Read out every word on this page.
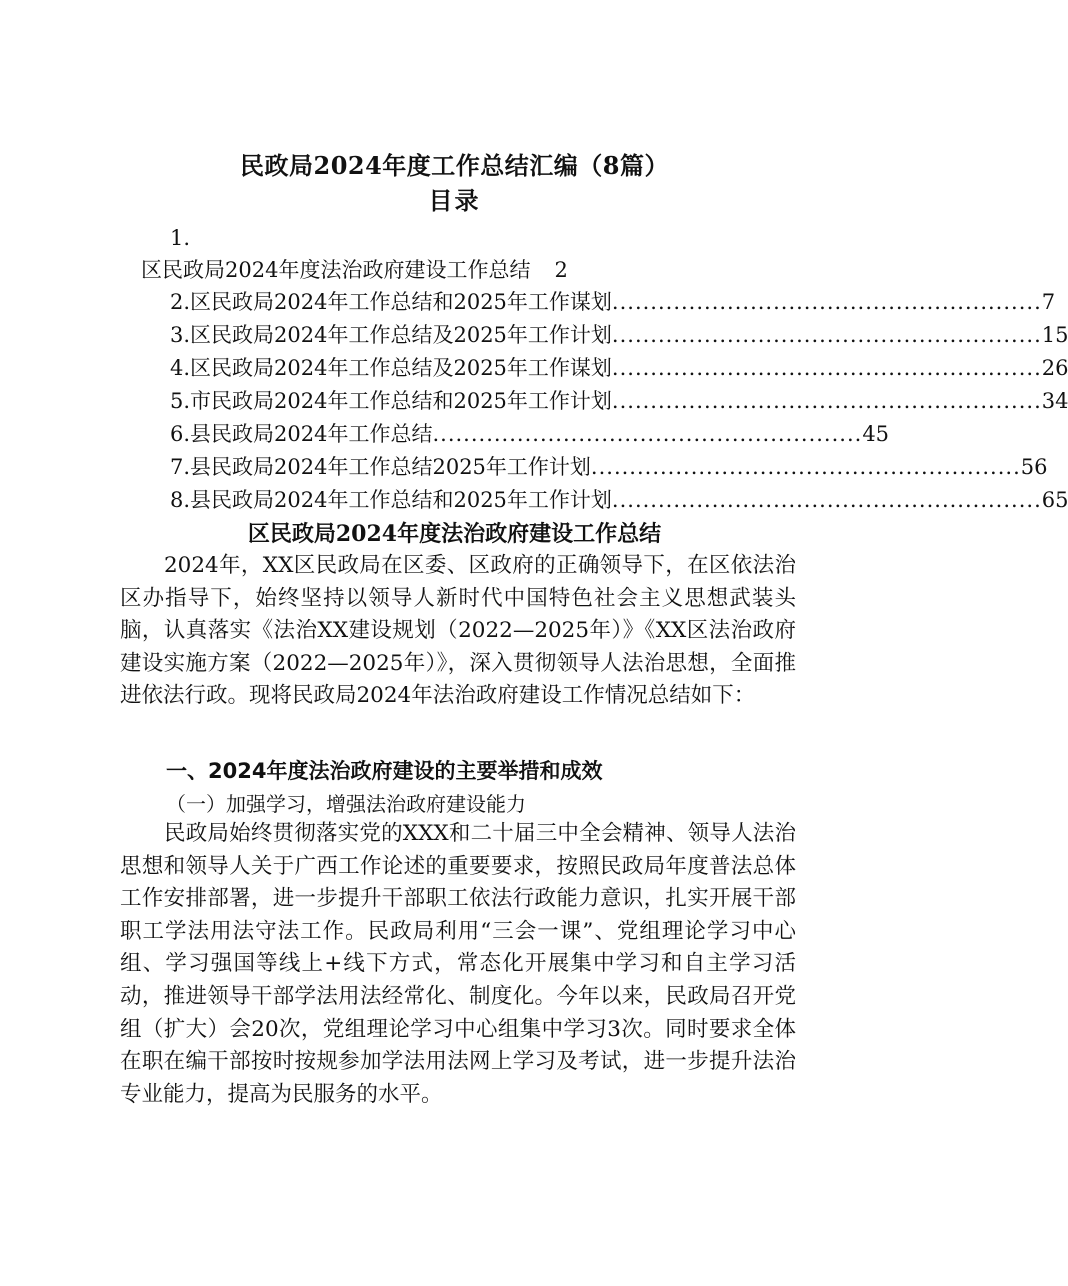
民政局2024年度工作总结汇编（8篇）
目录
1.
区民政局2024年度法治政府建设工作总结 2
2.区民政局2024年工作总结和2025年工作谋划 ........................................................ 7
3.区民政局2024年工作总结及2025年工作计划 ........................................................ 15
4.区民政局2024年工作总结及2025年工作谋划 ........................................................ 26
5.市民政局2024年工作总结和2025年工作计划 ........................................................ 34
6.县民政局2024年工作总结 ........................................................ 45
7.县民政局2024年工作总结2025年工作计划 ........................................................ 56
8.县民政局2024年工作总结和2025年工作计划 ........................................................ 65
区民政局2024年度法治政府建设工作总结

2024年，XX区民政局在区委、区政府的正确领导下，在区依法治区办指导下，始终坚持以领导人新时代中国特色社会主义思想武装头脑，认真落实《法治XX建设规划（2022—2025年）》《XX区法治政府建设实施方案（2022—2025年）》，深入贯彻领导人法治思想，全面推进依法行政。现将民政局2024年法治政府建设工作情况总结如下：

一、2024年度法治政府建设的主要举措和成效
（一）加强学习，增强法治政府建设能力

民政局始终贯彻落实党的XXX和二十届三中全会精神、领导人法治思想和领导人关于广西工作论述的重要要求，按照民政局年度普法总体工作安排部署，进一步提升干部职工依法行政能力意识，扎实开展干部职工学法用法守法工作。民政局利用“三会一课”、党组理论学习中心组、学习强国等线上+线下方式，常态化开展集中学习和自主学习活动，推进领导干部学法用法经常化、制度化。今年以来，民政局召开党组（扩大）会20次，党组理论学习中心组集中学习3次。同时要求全体在职在编干部按时按规参加学法用法网上学习及考试，进一步提升法治专业能力，提高为民服务的水平。
